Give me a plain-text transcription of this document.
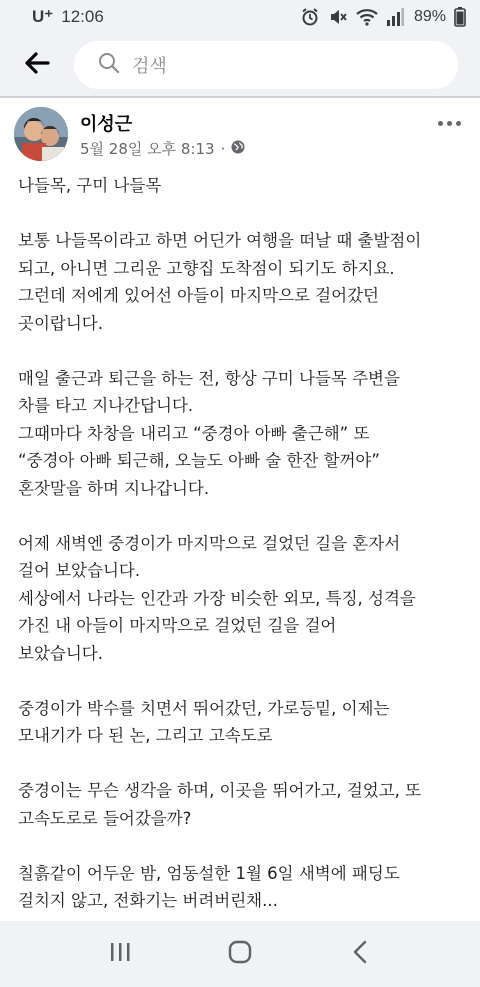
U⁺ 12:06	89%
검색
이성근
5월 28일 오후 8:13 ·
나들목, 구미 나들목
보통 나들목이라고 하면 어딘가 여행을 떠날 때 출발점이
되고, 아니면 그리운 고향집 도착점이 되기도 하지요.
그런데 저에게 있어선 아들이 마지막으로 걸어갔던
곳이랍니다.
매일 출근과 퇴근을 하는 전, 항상 구미 나들목 주변을
차를 타고 지나간답니다.
그때마다 차창을 내리고 “중경아 아빠 출근해” 또
“중경아 아빠 퇴근해, 오늘도 아빠 술 한잔 할꺼야”
혼잣말을 하며 지나갑니다.
어제 새벽엔 중경이가 마지막으로 걸었던 길을 혼자서
걸어 보았습니다.
세상에서 나라는 인간과 가장 비슷한 외모, 특징, 성격을
가진 내 아들이 마지막으로 걸었던 길을 걸어
보았습니다.
중경이가 박수를 치면서 뛰어갔던, 가로등밑, 이제는
모내기가 다 된 논, 그리고 고속도로
중경이는 무슨 생각을 하며, 이곳을 뛰어가고, 걸었고, 또
고속도로로 들어갔을까?
칠흙같이 어두운 밤, 엄동설한 1월 6일 새벽에 패딩도
걸치지 않고, 전화기는 버려버린채...
